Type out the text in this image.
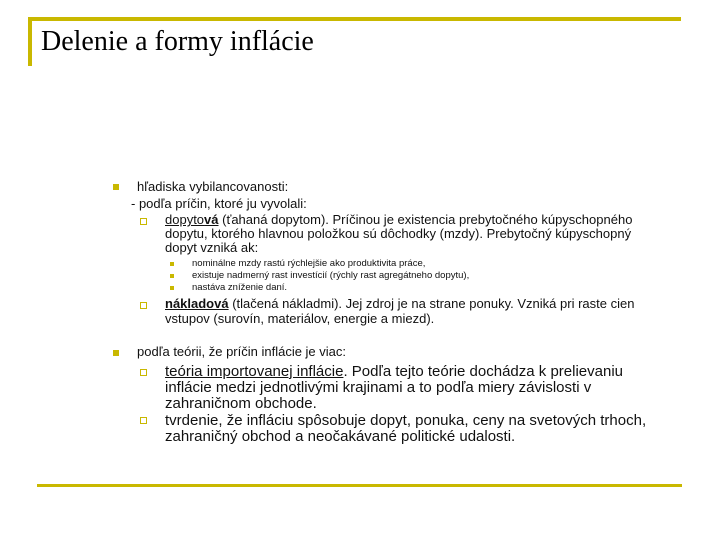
Delenie a formy inflácie
hľadiska vybilancovanosti:
- podľa príčin, ktoré ju vyvolali:
dopytová (ťahaná dopytom). Príčinou je existencia prebytočného kúpyschopného
dopytu, ktorého hlavnou položkou sú dôchodky (mzdy). Prebytočný kúpyschopný
dopyt vzniká ak:
nominálne mzdy rastú rýchlejšie ako produktivita práce,
existuje nadmerný rast investícií (rýchly rast agregátneho dopytu),
nastáva zníženie daní.
nákladová (tlačená nákladmi). Jej zdroj je na strane ponuky. Vzniká pri raste cien
vstupov (surovín, materiálov, energie a miezd).
podľa teórii, že príčin inflácie je viac:
teória importovanej inflácie. Podľa tejto teórie dochádza k prelievaniu
inflácie medzi jednotlivými krajinami a to podľa miery závislosti v
zahraničnom obchode.
tvrdenie, že infláciu spôsobuje dopyt, ponuka, ceny na svetových trhoch,
zahraničný obchod a neočakávané politické udalosti.
